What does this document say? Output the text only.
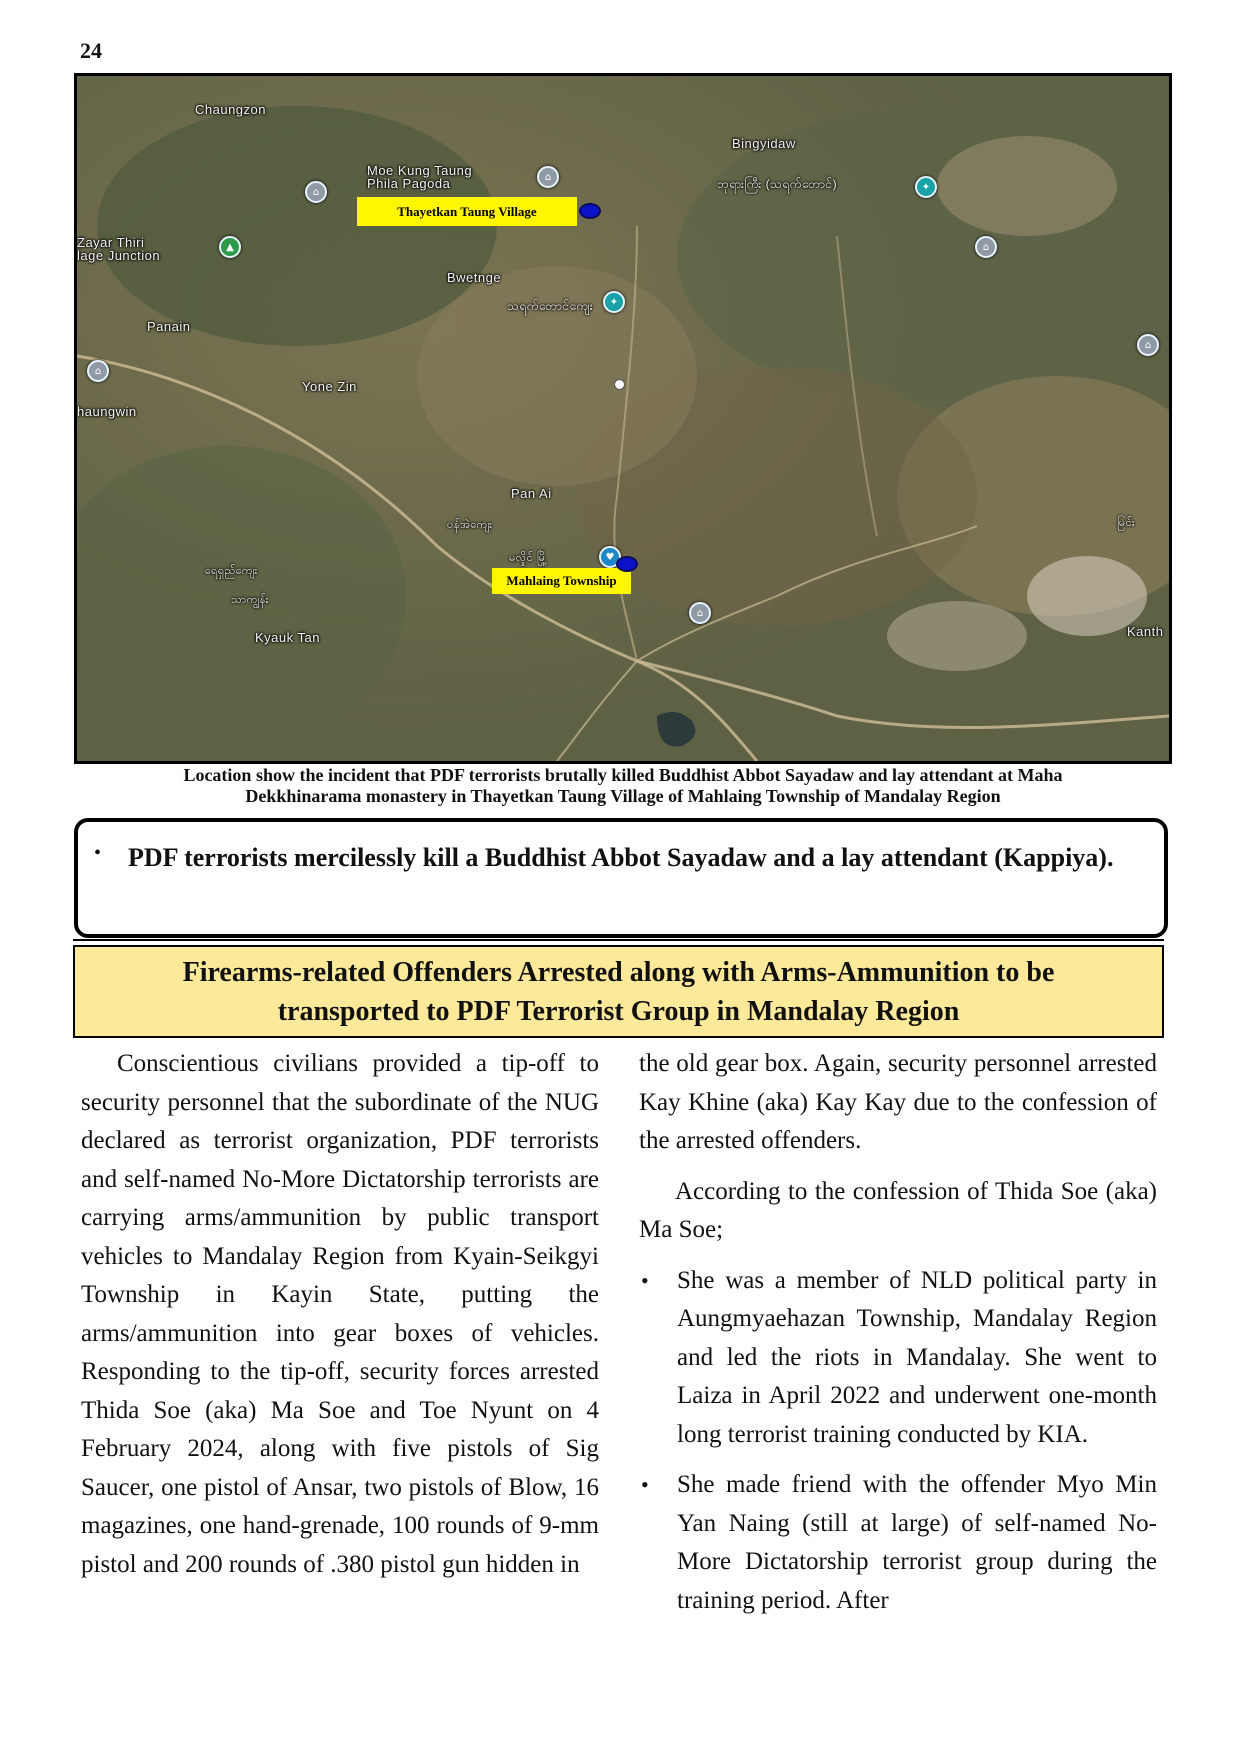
24
Chaungzon
Bingyidaw
Moe Kung Taung
Phila Pagoda	ဘုရားကြီး (သရက်တောင်)
Zayar Thiri
lage Junction
Bwetnge
သရက်တောင်ကျေး
Panain
Yone Zin
haungwin
Pan Ai
ပန်အဲကျေး
မလှိုင် မြို့
ရေရှည်ကျေး
သာကျွန်း
Kyauk Tan	Kanth
မြင်း
⌂
⌂
▲
✦
⌂
✦
⌂
⌂
♥
⌂
Thayetkan Taung Village
Mahlaing Township
Location show the incident that PDF terrorists brutally killed Buddhist Abbot Sayadaw and lay attendant at Maha
Dekkhinarama monastery in Thayetkan Taung Village of Mahlaing Township of Mandalay Region
• PDF terrorists mercilessly kill a Buddhist Abbot Sayadaw and a lay attendant (Kappiya).
Firearms-related Offenders Arrested along with Arms-Ammunition to be
transported to PDF Terrorist Group in Mandalay Region

Conscientious civilians provided a tip-off to security personnel that the subordinate of the NUG declared as terrorist organization, PDF terrorists and self-named No-More Dictatorship terrorists are carrying arms/ammunition by public transport vehicles to Mandalay Region from Kyain-Seikgyi Township in Kayin State, putting the arms/ammunition into gear boxes of vehicles. Responding to the tip-off, security forces arrested Thida Soe (aka) Ma Soe and Toe Nyunt on 4 February 2024, along with five pistols of Sig Saucer, one pistol of Ansar, two pistols of Blow, 16 magazines, one hand-grenade, 100 rounds of 9-mm pistol and 200 rounds of .380 pistol gun hidden in

the old gear box. Again, security personnel arrested Kay Khine (aka) Kay Kay due to the confession of the arrested offenders.

According to the confession of Thida Soe (aka) Ma Soe;

• She was a member of NLD political party in Aungmyaehazan Township, Mandalay Region and led the riots in Mandalay. She went to Laiza in April 2022 and underwent one-month long terrorist training conducted by KIA.
• She made friend with the offender Myo Min Yan Naing (still at large) of self-named No-More Dictatorship terrorist group during the training period. After
